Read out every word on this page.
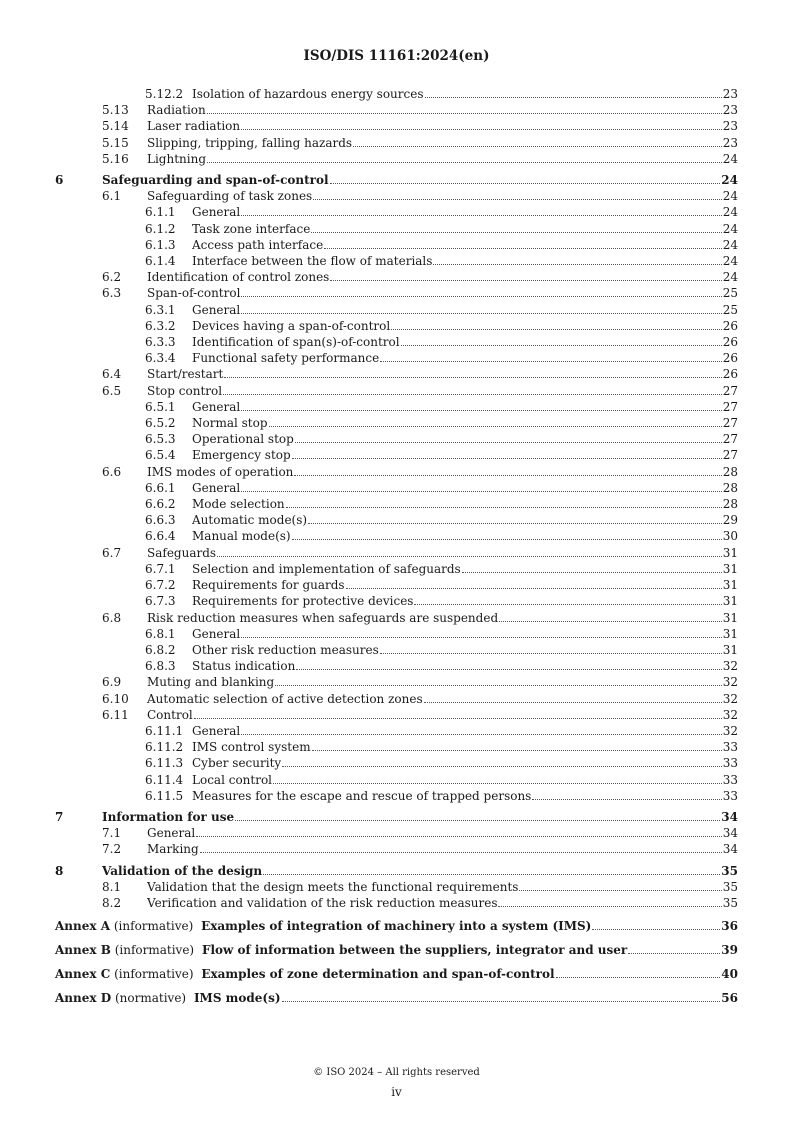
ISO/DIS 11161:2024(en)
5.12.2 Isolation of hazardous energy sources	23
5.13	Radiation	23
5.14	Laser radiation	23
5.15	Slipping, tripping, falling hazards	23
5.16	Lightning	24
6	Safeguarding and span-of-control	24
6.1	Safeguarding of task zones	24
6.1.1	General	24
6.1.2	Task zone interface	24
6.1.3	Access path interface	24
6.1.4	Interface between the flow of materials	24
6.2	Identification of control zones	24
6.3	Span-of-control	25
6.3.1	General	25
6.3.2	Devices having a span-of-control	26
6.3.3	Identification of span(s)-of-control	26
6.3.4	Functional safety performance	26
6.4	Start/restart	26
6.5	Stop control	27
6.5.1	General	27
6.5.2	Normal stop	27
6.5.3	Operational stop	27
6.5.4	Emergency stop	27
6.6	IMS modes of operation	28
6.6.1	General	28
6.6.2	Mode selection	28
6.6.3	Automatic mode(s)	29
6.6.4	Manual mode(s)	30
6.7	Safeguards	31
6.7.1	Selection and implementation of safeguards	31
6.7.2	Requirements for guards	31
6.7.3	Requirements for protective devices	31
6.8	Risk reduction measures when safeguards are suspended	31
6.8.1	General	31
6.8.2	Other risk reduction measures	31
6.8.3	Status indication	32
6.9	Muting and blanking	32
6.10	Automatic selection of active detection zones	32
6.11	Control	32
6.11.1 General	32
6.11.2 IMS control system	33
6.11.3 Cyber security	33
6.11.4 Local control	33
6.11.5 Measures for the escape and rescue of trapped persons	33
7	Information for use	34
7.1	General	34
7.2	Marking	34
8	Validation of the design	35
8.1	Validation that the design meets the functional requirements	35
8.2	Verification and validation of the risk reduction measures	35
Annex A (informative) Examples of integration of machinery into a system (IMS)	36
Annex B (informative) Flow of information between the suppliers, integrator and user	39
Annex C (informative) Examples of zone determination and span-of-control	40
Annex D (normative) IMS mode(s)	56
© ISO 2024 – All rights reserved
iv
